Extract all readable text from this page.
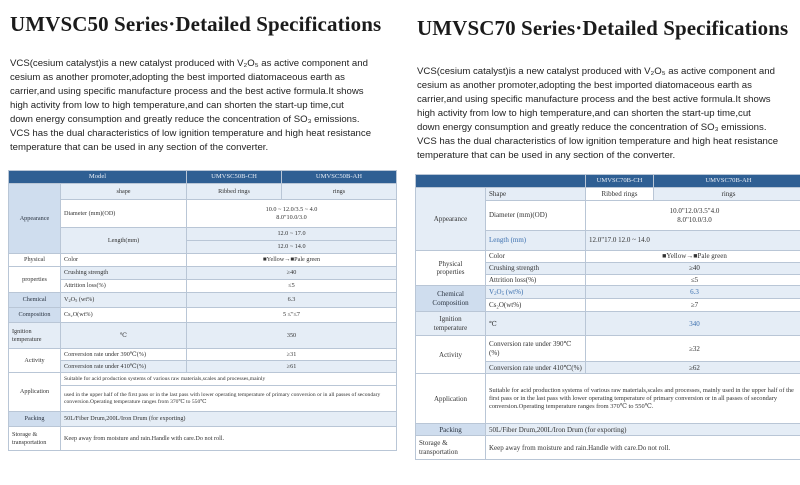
UMVSC50 Series·Detailed Specifications

VCS(cesium catalyst)is a new catalyst produced with V₂O₅ as active component and

cesium as another promoter,adopting the best imported diatomaceous earth as

carrier,and using specific manufacture process and the best active formula.It shows

high activity from low to high temperature,and can shorten the start-up time,cut

down energy consumption and greatly reduce the concentration of SO₃ emissions.

VCS has the dual characteristics of low ignition temperature and high heat resistance

temperature that can be used in any section of the converter.

Model		UMVSC50B-CH	UMVSC50B-AH
Appearance	shape	Ribbed rings	rings
	Diameter (mm)(OD)	10.0 ~ 12.0/3.5 ~ 4.0
8.0"10.0/3.0	

	Length(mm)	12.0 ~ 17.0	
		12.0 ~ 14.0	
Physical	Color	■Yellow→■Pale green	
properties	Crushing strength	≥40	
	Attrition loss(%)	≤5	
Chemical	$V_2O_5$ (wt%)	6.3	
Composition	Cs₂O(wt%)	5 ≤"≤7	

Ignition
temperature	℃	350	
Activity	Conversion rate under 390℃(%)	≥31	
	Conversion rate under 410℃(%)	≥61	
Application	Suitable for acid production systems of various raw materials,scales and processes,mainly		
	used in the upper half of the first pass or in the last pass with lower operating temperature of primary conversion or in all passes of secondary conversion.Operating temperature ranges from 370℃ to 550℃		
Packing	50L/Fiber Drum,200L/Iron Drum (for exporting)		

Storage &
transportation	Keep away from moisture and rain.Handle with care.Do not roll.		
UMVSC70 Series·Detailed Specifications

VCS(cesium catalyst)is a new catalyst produced with V₂O₅ as active component and

cesium as another promoter,adopting the best imported diatomaceous earth as

carrier,and using specific manufacture process and the best active formula.It shows

high activity from low to high temperature,and can shorten the start-up time,cut

down energy consumption and greatly reduce the concentration of SO₃ emissions.

VCS has the dual characteristics of low ignition temperature and high heat resistance

temperature that can be used in any section of the converter.

		UMVSC70B-CH	UMVSC70B-AH
Appearance	Shape	Ribbed rings	rings
	Diameter (mm)(OD)	10.0"12.0/3.5"4.0
8.0"10.0/3.0	

	Length (mm)	12.0"17.0 12.0 ~ 14.0	

Physical
properties	Color	■Yellow→■Pale green	
	Crushing strength	≥40	
	Attrition loss(%)	≤5	

Chemical
Composition	$V_2O_5$ (wt%)	6.3	
	Cs₂O(wt%)	≥7	

Ignition
temperature	℃	340	
Activity	Conversion rate under 390℃
(%)	≥32	
	Conversion rate under 410℃(%)	≥62	
Application	Suitable for acid production systems of various raw materials,scales and processes, mainly used in the upper half of the first pass or in the last pass with lower operating temperature of primary conversion or in all passes of secondary conversion.Operating temperature ranges from 370℃ to 550℃.		
Packing	50L/Fiber Drum,200L/Iron Drum (for exporting)		

Storage &
transportation	Keep away from moisture and rain.Handle with care.Do not roll.		
